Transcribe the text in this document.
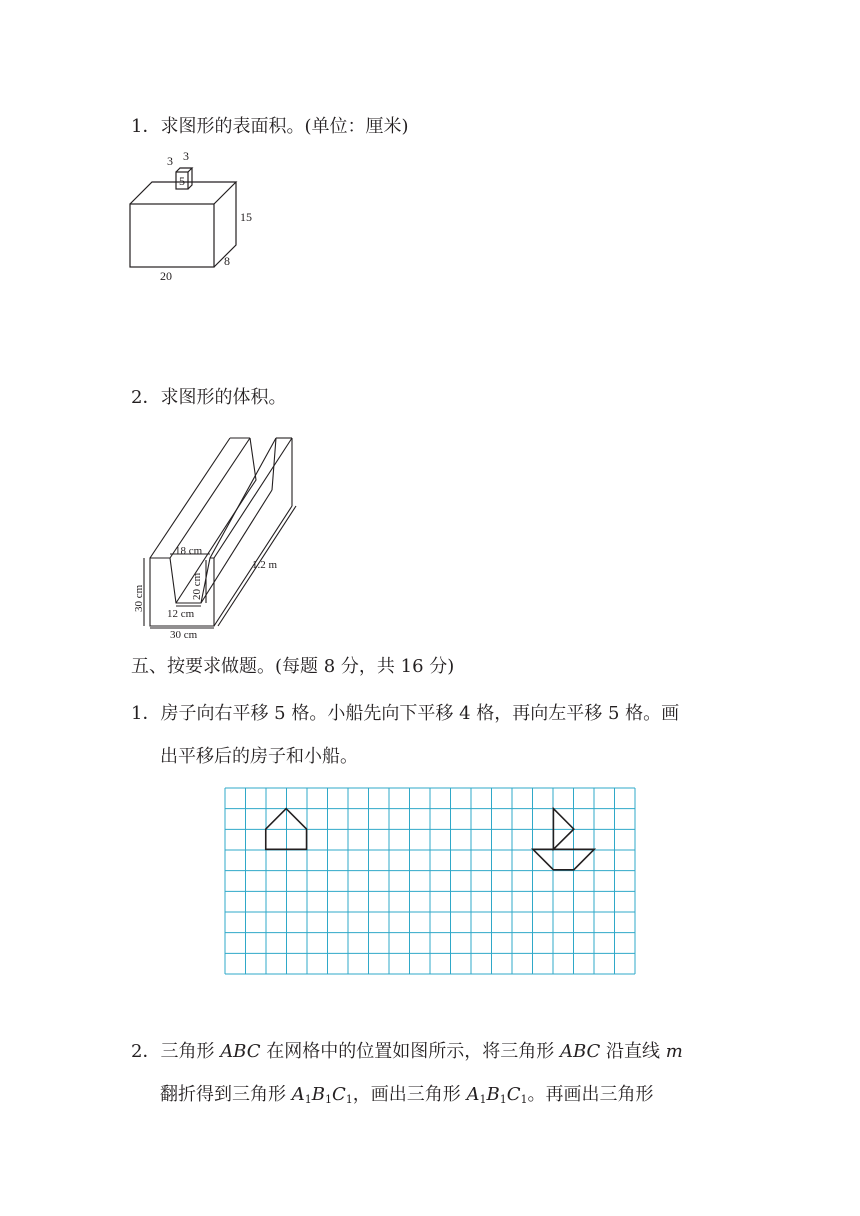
1．求图形的表面积。(单位：厘米)
3 3
5
15
20
8
2．求图形的体积。
18 cm
20 cm
30 cm
12 cm
30 cm
1.2 m
五、按要求做题。(每题 8 分，共 16 分)
1．房子向右平移 5 格。小船先向下平移 4 格，再向左平移 5 格。画
出平移后的房子和小船。
2．三角形 ABC 在网格中的位置如图所示，将三角形 ABC 沿直线 m
翻折得到三角形 $A_1B_1C_1$，画出三角形 $A_1B_1C_1$。再画出三角形
